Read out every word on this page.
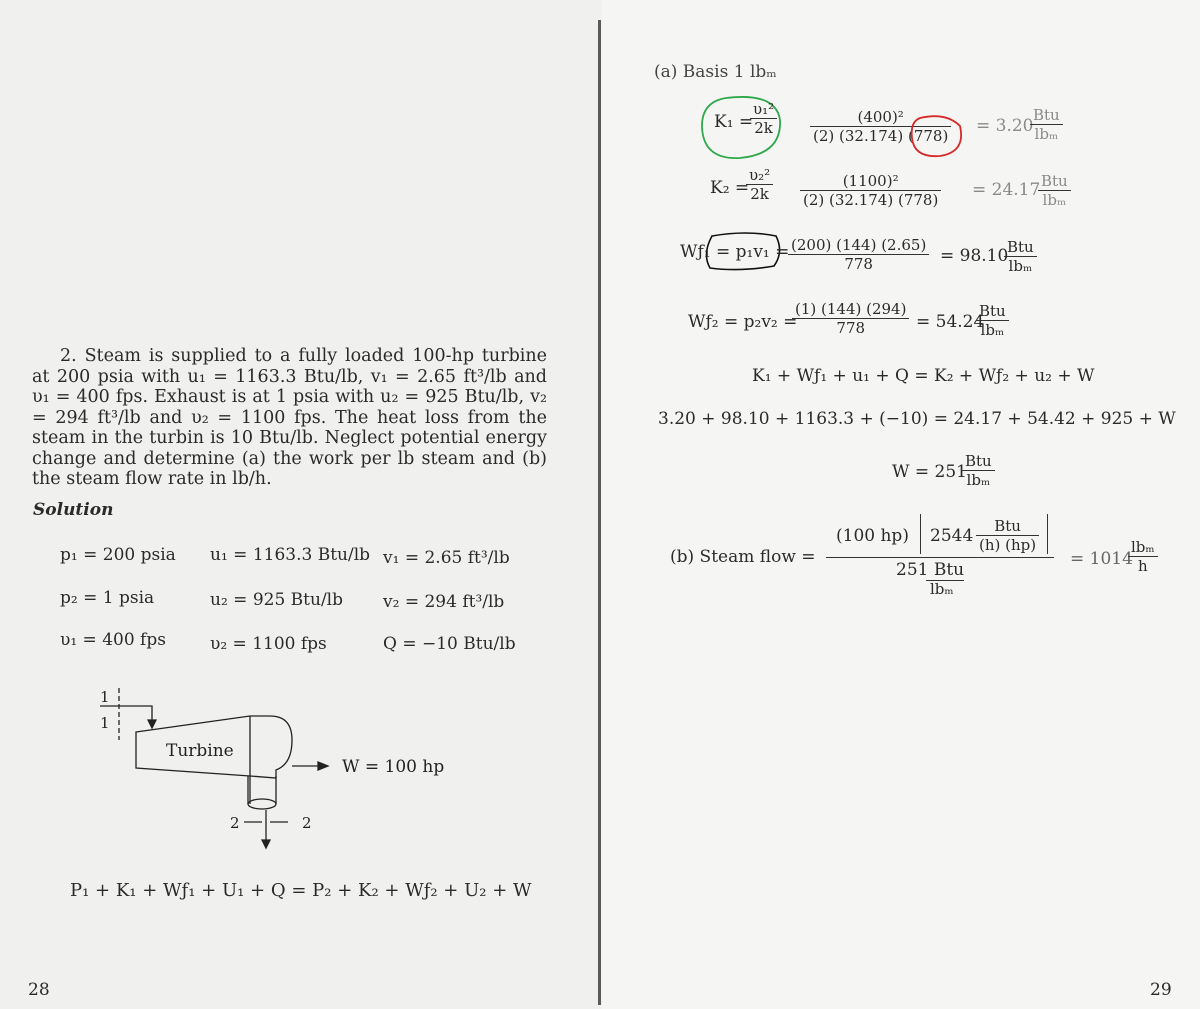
2. Steam is supplied to a fully loaded 100-hp turbine at 200 psia with u₁ = 1163.3 Btu/lb, v₁ = 2.65 ft³/lb and υ₁ = 400 fps. Exhaust is at 1 psia with u₂ = 925 Btu/lb, v₂ = 294 ft³/lb and υ₂ = 1100 fps. The heat loss from the steam in the turbin is 10 Btu/lb. Neglect potential energy change and determine (a) the work per lb steam and (b) the steam flow rate in lb/h.

Solution
p₁ = 200 psia u₁ = 1163.3 Btu/lb v₁ = 2.65 ft³/lb
p₂ = 1 psia	u₂ = 925 Btu/lb v₂ = 294 ft³/lb
υ₁ = 400 fps	υ₂ = 1100 fps	Q = −10 Btu/lb
Turbine
W = 100 hp
1
1
2	2
P₁ + K₁ + Wƒ₁ + U₁ + Q = P₂ + K₂ + Wƒ₂ + U₂ + W
28
(a) Basis 1 lbₘ
K₁ =
$\frac{\text{υ₁²}}{2k} \frac{\text{(400)²}}{(2) (32.174) (778)} = 3.20$
Btu
lbₘ
K₂ =
$\frac{\text{υ₂²}}{2k} \frac{\text{(1100)²}}{(2) (32.174) (778)} = 24.17$ Btu
lbₘ
Wƒ₁ = p₁v₁ =
$\frac{(200) (144) (2.65)}{778} = 98.10$
Btu
lbₘ
Wƒ₂ = p₂v₂ =
$\frac{(1) (144) (294)}{778} = 54.24$
Btu
lbₘ
K₁ + Wƒ₁ + u₁ + Q = K₂ + Wƒ₂ + u₂ + W
3.20 + 98.10 + 1163.3 + (−10) = 24.17 + 54.42 + 925 + W
W = 251
Btu
lbₘ
(b) Steam flow =
(100 hp) 2544	Btu
(h) (hp)
251 Btu
lbₘ
= 1014
lbₘ
h
29
